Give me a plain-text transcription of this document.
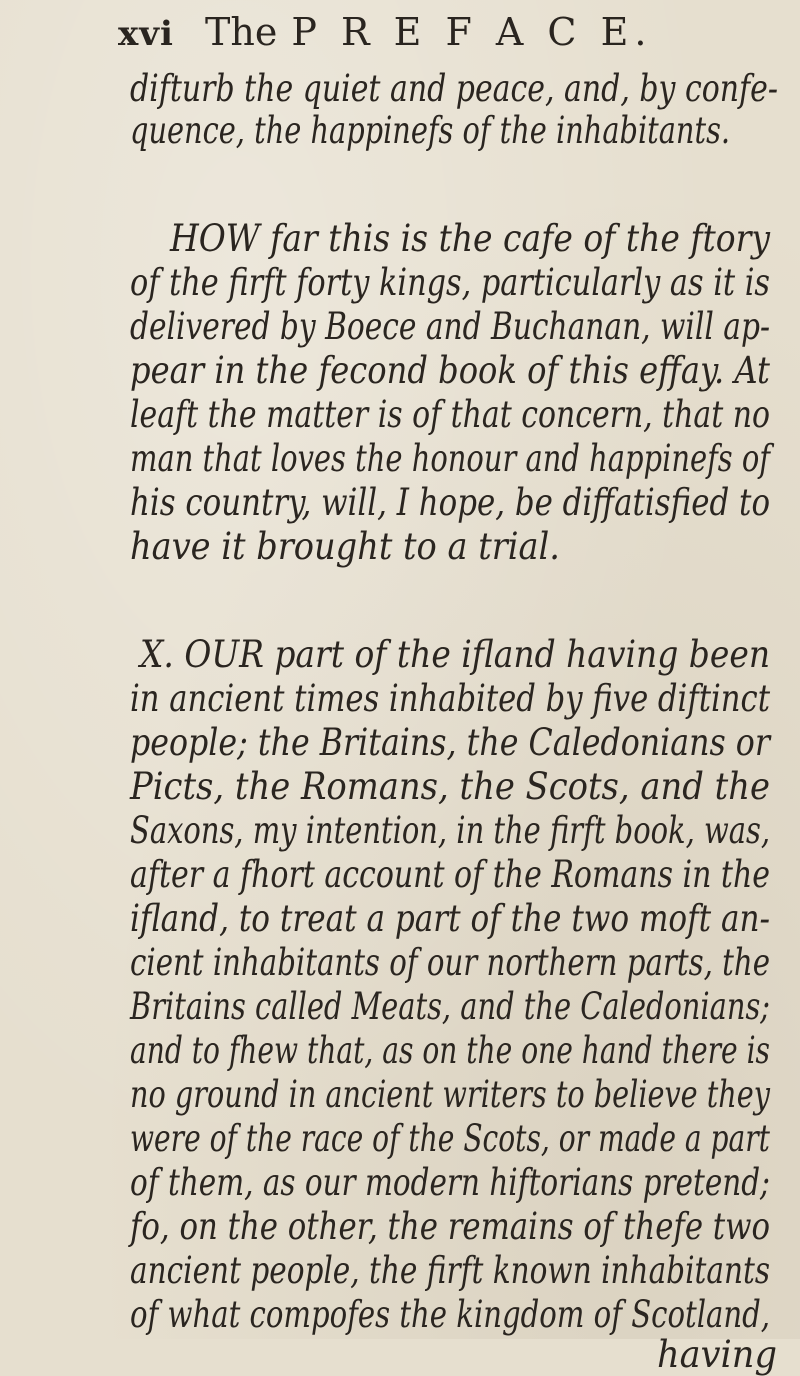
xvi The P R E F A C E.
difturb the quiet and peace, and, by confe-
quence, the happinefs of the inhabitants.
HOW far this is the cafe of the ftory
of the firft forty kings, particularly as it is
delivered by Boece and Buchanan, will ap-
pear in the fecond book of this effay. At
leaft the matter is of that concern, that no
man that loves the honour and happinefs of
his country, will, I hope, be diffatisfied to
have it brought to a trial.
X. OUR part of the ifland having been
in ancient times inhabited by five diftinct
people; the Britains, the Caledonians or
Picts, the Romans, the Scots, and the
Saxons, my intention, in the firft book, was,
after a fhort account of the Romans in the
ifland, to treat a part of the two moft an-
cient inhabitants of our northern parts, the
Britains called Meats, and the Caledonians;
and to fhew that, as on the one hand there is
no ground in ancient writers to believe they
were of the race of the Scots, or made a part
of them, as our modern hiftorians pretend;
fo, on the other, the remains of thefe two
ancient people, the firft known inhabitants
of what compofes the kingdom of Scotland,
having
